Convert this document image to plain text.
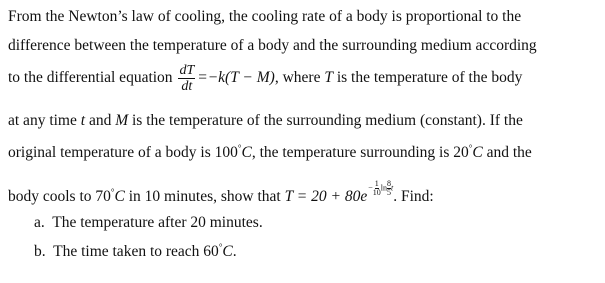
From the Newton’s law of cooling, the cooling rate of a body is proportional to the
difference between the temperature of a body and the surrounding medium according
to the differential equation $\frac{dT}{dt} =-k(T - M)$, where T is the temperature of the body
at any time t and M is the temperature of the surrounding medium (constant). If the
original temperature of a body is 100°C, the temperature surrounding is 20°C and the
body cools to 70°C in 10 minutes, show that $T = 20 + 80e- \frac{1}{10}$ $\ln \frac{8}{5} t$. Find:
a. The temperature after 20 minutes.
b. The time taken to reach 60°C.
